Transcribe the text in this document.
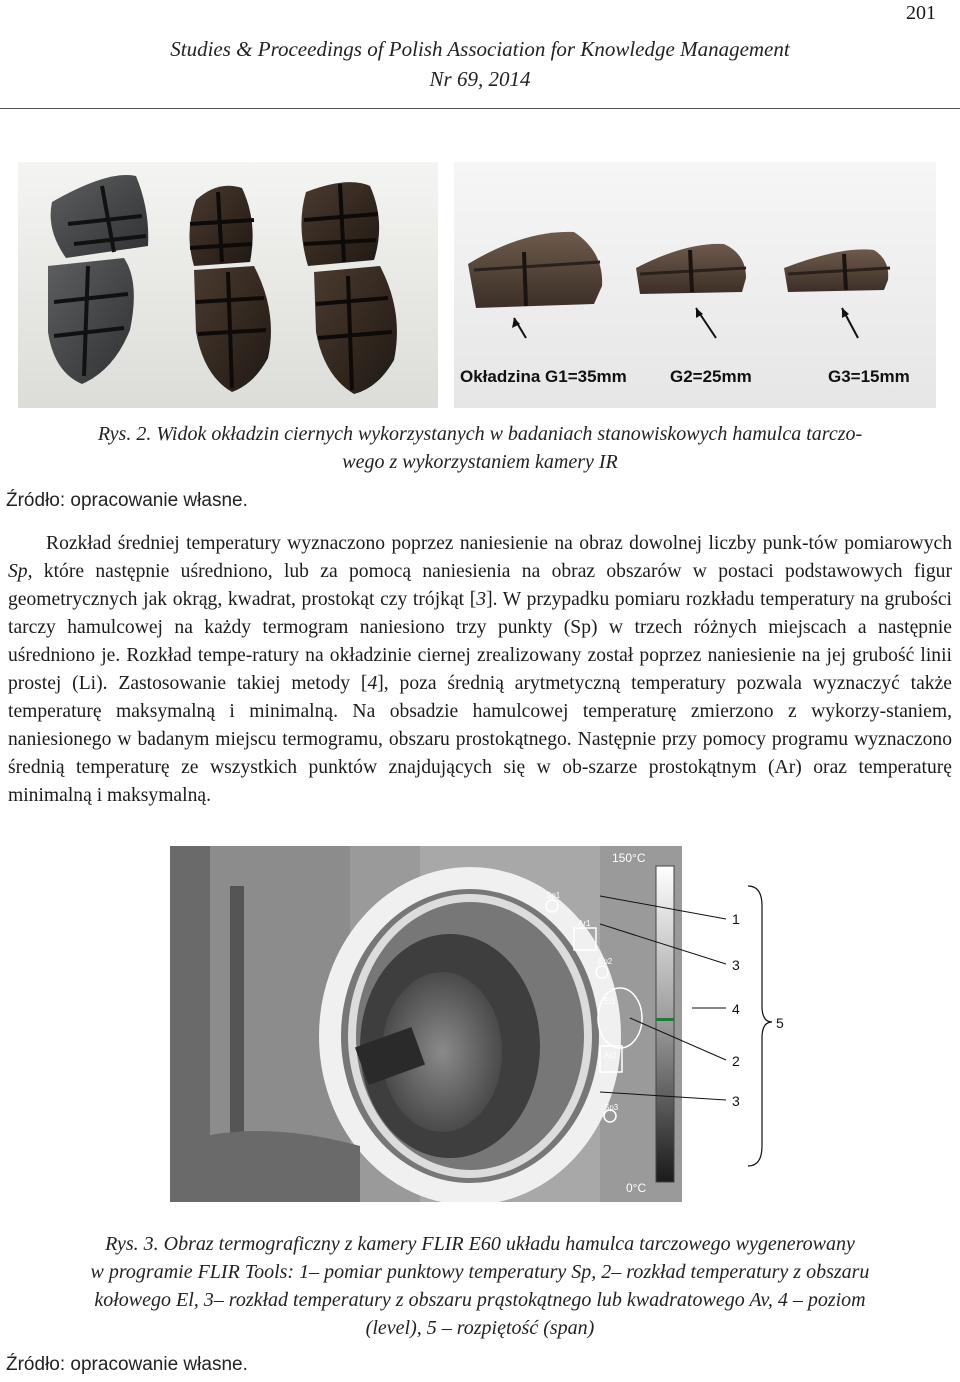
201
Studies & Proceedings of Polish Association for Knowledge Management
Nr 69, 2014
Okładzina G1=35mm	G2=25mm	G3=15mm
Rys. 2. Widok okładzin ciernych wykorzystanych w badaniach stanowiskowych hamulca tarczo-
wego z wykorzystaniem kamery IR
Źródło: opracowanie własne.

Rozkład średniej temperatury wyznaczono poprzez naniesienie na obraz dowolnej liczby punk-tów pomiarowych Sp, które następnie uśredniono, lub za pomocą naniesienia na obraz obszarów w postaci podstawowych figur geometrycznych jak okrąg, kwadrat, prostokąt czy trójkąt [3]. W przypadku pomiaru rozkładu temperatury na grubości tarczy hamulcowej na każdy termogram naniesiono trzy punkty (Sp) w trzech różnych miejscach a następnie uśredniono je. Rozkład tempe-ratury na okładzinie ciernej zrealizowany został poprzez naniesienie na jej grubość linii prostej (Li). Zastosowanie takiej metody [4], poza średnią arytmetyczną temperatury pozwala wyznaczyć także temperaturę maksymalną i minimalną. Na obsadzie hamulcowej temperaturę zmierzono z wykorzy-staniem, naniesionego w badanym miejscu termogramu, obszaru prostokątnego. Następnie przy pomocy programu wyznaczono średnią temperaturę ze wszystkich punktów znajdujących się w ob-szarze prostokątnym (Ar) oraz temperaturę minimalną i maksymalną.

Sp1
Ar1
Sp2
El1
Ar2
Sp3
150°C
0°C
1
3
4
2
3
5
Rys. 3. Obraz termograficzny z kamery FLIR E60 układu hamulca tarczowego wygenerowany
w programie FLIR Tools: 1– pomiar punktowy temperatury Sp, 2– rozkład temperatury z obszaru
kołowego El, 3– rozkład temperatury z obszaru prąstokątnego lub kwadratowego Av, 4 – poziom
(level), 5 – rozpiętość (span)
Źródło: opracowanie własne.
